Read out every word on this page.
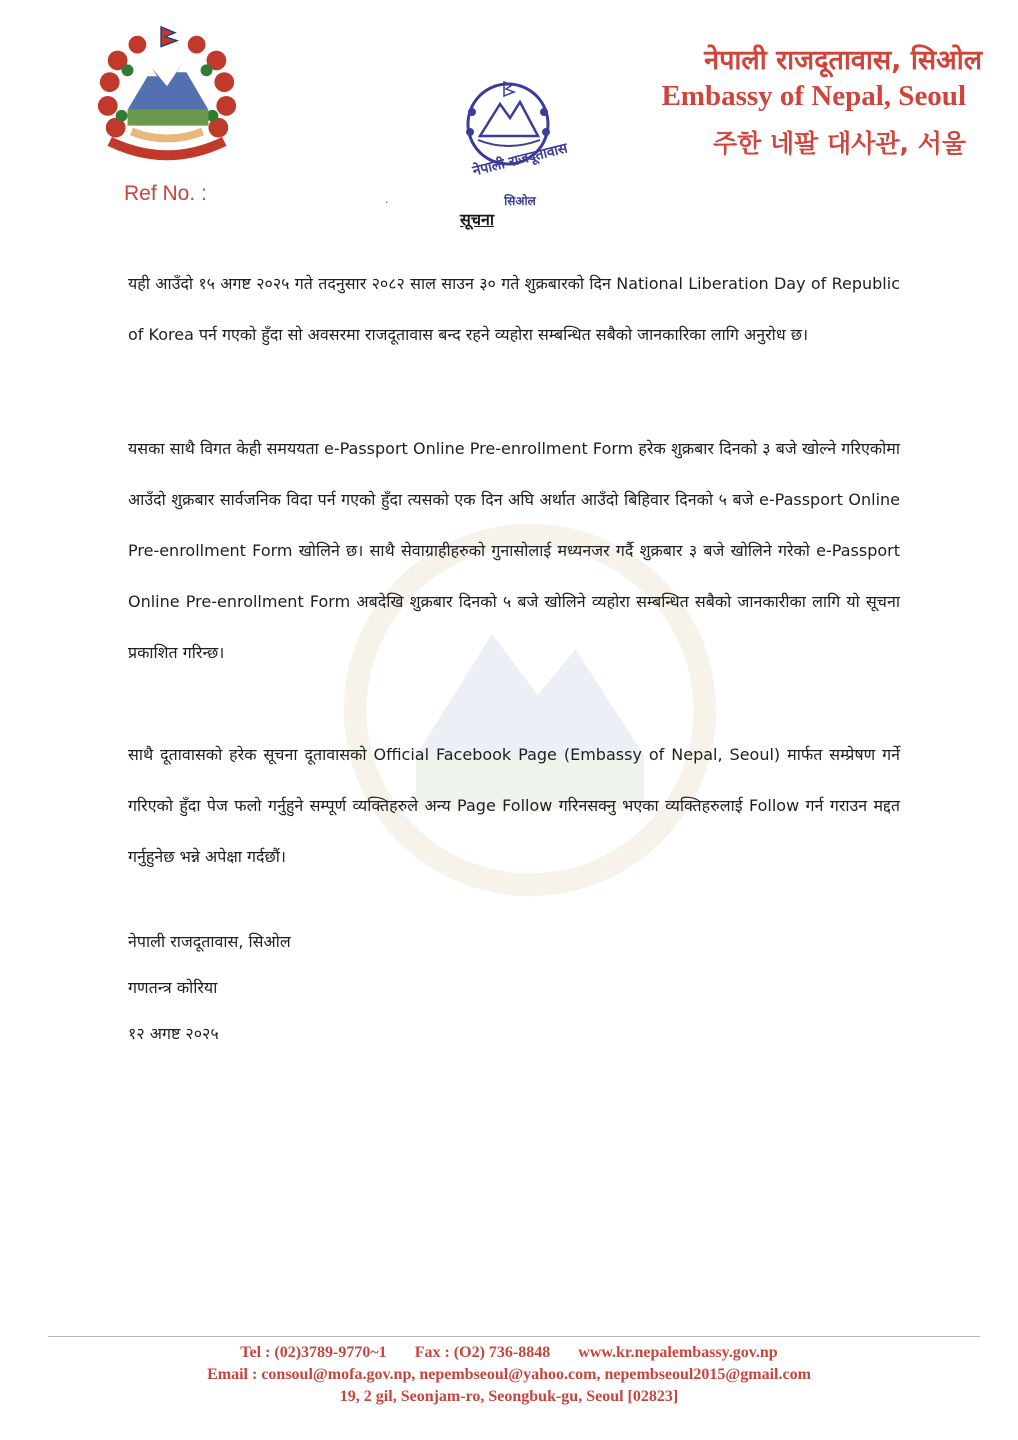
नेपाली राजदूतावास
सिओल
Ref No. :
नेपाली राजदूतावास, सिओल
Embassy of Nepal, Seoul
주한 네팔 대사관, 서울
·
सूचना
यही आउँदो १५ अगष्ट २०२५ गते तदनुसार २०८२ साल साउन ३० गते शुक्रबारको दिन National Liberation Day of Republic of Korea पर्न गएको हुँदा सो अवसरमा राजदूतावास बन्द रहने व्यहोरा सम्बन्धित सबैको जानकारिका लागि अनुरोध छ।
यसका साथै विगत केही समययता e-Passport Online Pre-enrollment Form हरेक शुक्रबार दिनको ३ बजे खोल्ने गरिएकोमा आउँदो शुक्रबार सार्वजनिक विदा पर्न गएको हुँदा त्यसको एक दिन अघि अर्थात आउँदो बिहिवार दिनको ५ बजे e-Passport Online Pre-enrollment Form खोलिने छ। साथै सेवाग्राहीहरुको गुनासोलाई मध्यनजर गर्दै शुक्रबार ३ बजे खोलिने गरेको e-Passport Online Pre-enrollment Form अबदेखि शुक्रबार दिनको ५ बजे खोलिने व्यहोरा सम्बन्धित सबैको जानकारीका लागि यो सूचना प्रकाशित गरिन्छ।
साथै दूतावासको हरेक सूचना दूतावासको Official Facebook Page (Embassy of Nepal, Seoul) मार्फत सम्प्रेषण गर्ने गरिएको हुँदा पेज फलो गर्नुहुने सम्पूर्ण व्यक्तिहरुले अन्य Page Follow गरिनसक्नु भएका व्यक्तिहरुलाई Follow गर्न गराउन मद्दत गर्नुहुनेछ भन्ने अपेक्षा गर्दछौं।
नेपाली राजदूतावास, सिओल
गणतन्त्र कोरिया
१२ अगष्ट २०२५
Tel : (02)3789-9770~1 Fax : (O2) 736-8848 www.kr.nepalembassy.gov.np
Email : consoul@mofa.gov.np, nepembseoul@yahoo.com, nepembseoul2015@gmail.com
19, 2 gil, Seonjam-ro, Seongbuk-gu, Seoul [02823]
